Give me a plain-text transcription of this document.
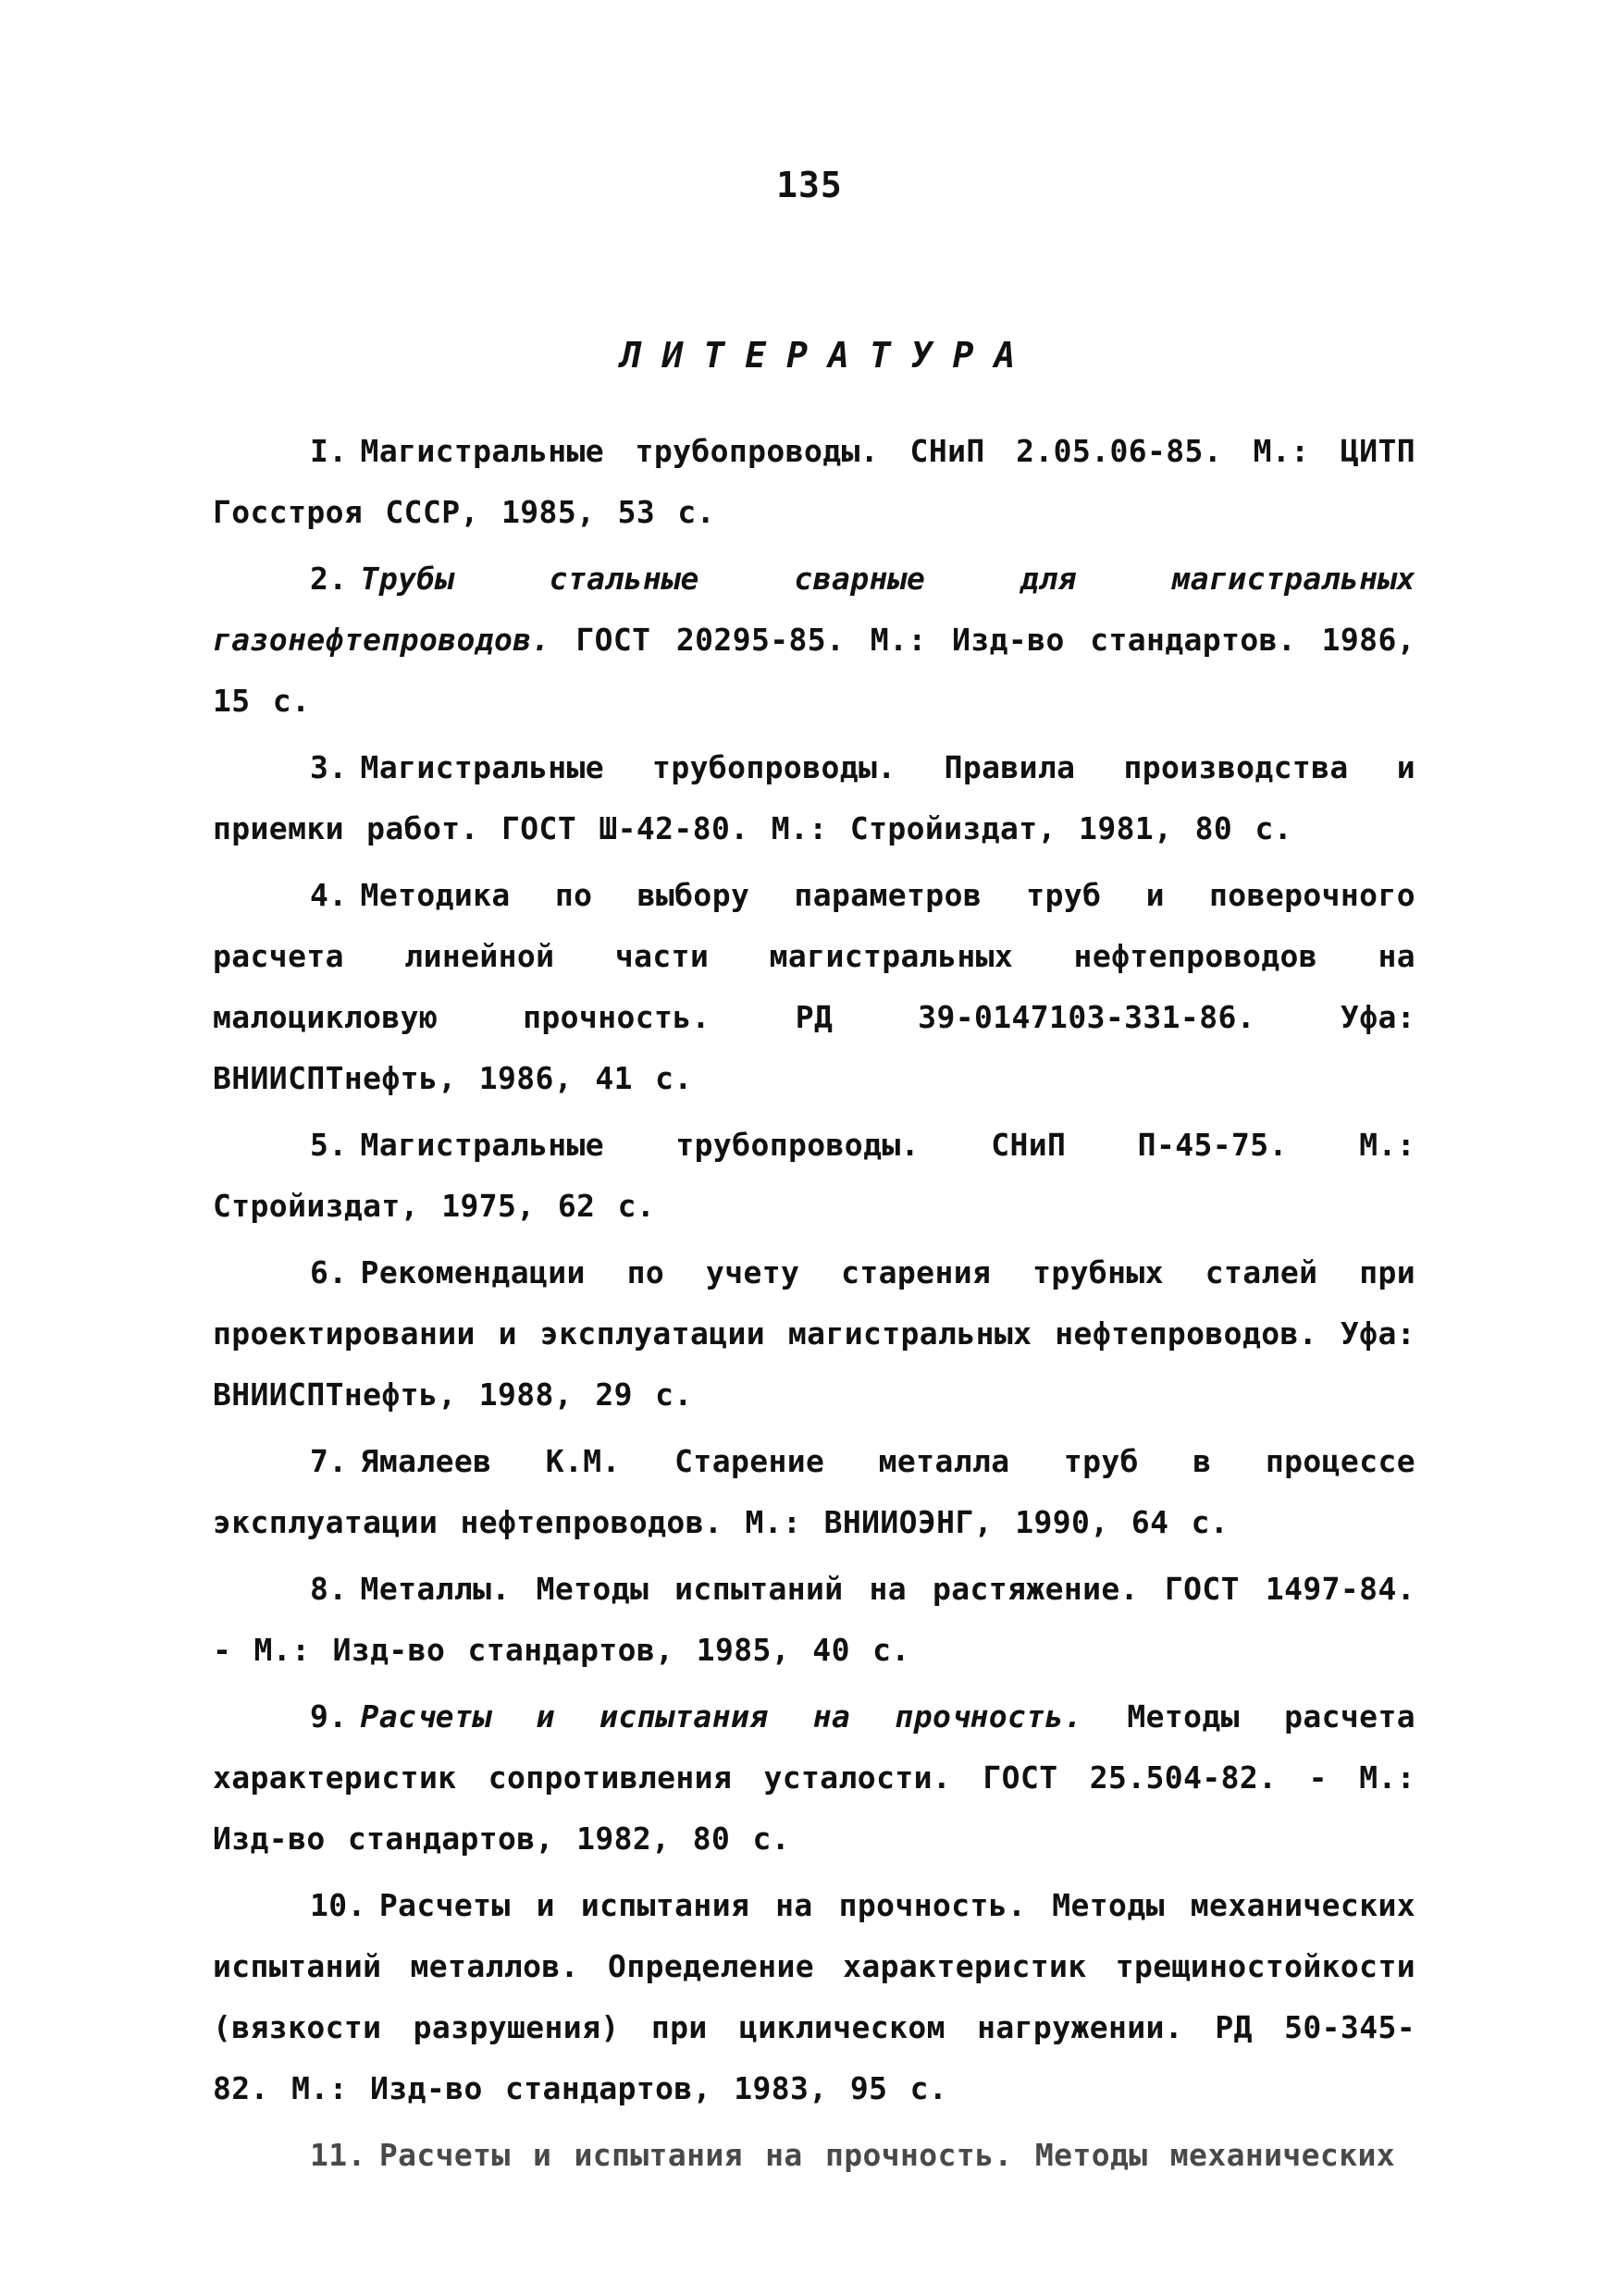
135
ЛИТЕРАТУРА

I. Магистральные трубопроводы. СНиП 2.05.06-85. М.: ЦИТП Госстроя СССР, 1985, 53 с.

2. Трубы стальные сварные для магистральных газонефтепроводов. ГОСТ 20295-85. М.: Изд-во стандартов. 1986, 15 с.

3. Магистральные трубопроводы. Правила производства и приемки работ. ГОСТ Ш-42-80. М.: Стройиздат, 1981, 80 с.

4. Методика по выбору параметров труб и поверочного расчета линейной части магистральных нефтепроводов на малоцикловую прочность. РД 39-0147103-331-86. Уфа: ВНИИСПТнефть, 1986, 41 с.

5. Магистральные трубопроводы. СНиП П-45-75. М.: Стройиздат, 1975, 62 с.

6. Рекомендации по учету старения трубных сталей при проектировании и эксплуатации магистральных нефтепроводов. Уфа: ВНИИСПТнефть, 1988, 29 с.

7. Ямалеев К.М. Старение металла труб в процессе эксплуатации нефтепроводов. М.: ВНИИОЭНГ, 1990, 64 с.

8. Металлы. Методы испытаний на растяжение. ГОСТ 1497-84. - М.: Изд-во стандартов, 1985, 40 с.

9. Расчеты и испытания на прочность. Методы расчета характеристик сопротивления усталости. ГОСТ 25.504-82. - М.: Изд-во стандартов, 1982, 80 с.

10. Расчеты и испытания на прочность. Методы механических испытаний металлов. Определение характеристик трещиностойкости (вязкости разрушения) при циклическом нагружении. РД 50-345-82. М.: Изд-во стандартов, 1983, 95 с.

11. Расчеты и испытания на прочность. Методы механических
